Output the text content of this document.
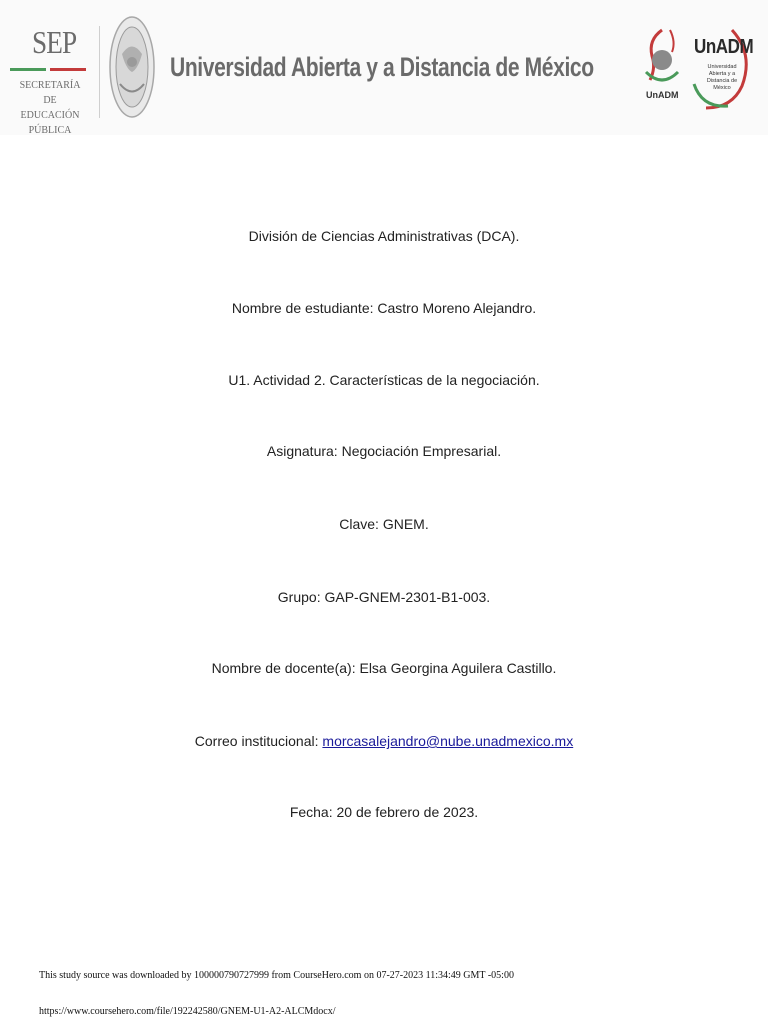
SEP
SECRETARÍA DE
EDUCACIÓN PÚBLICA
Universidad Abierta y a Distancia de México
UnADM
UnADM
Universidad Abierta y a Distancia de México
División de Ciencias Administrativas (DCA).
Nombre de estudiante: Castro Moreno Alejandro.
U1. Actividad 2. Características de la negociación.
Asignatura: Negociación Empresarial.
Clave: GNEM.
Grupo: GAP-GNEM-2301-B1-003.
Nombre de docente(a): Elsa Georgina Aguilera Castillo.
Correo institucional: morcasalejandro@nube.unadmexico.mx
Fecha: 20 de febrero de 2023.
This study source was downloaded by 100000790727999 from CourseHero.com on 07-27-2023 11:34:49 GMT -05:00
https://www.coursehero.com/file/192242580/GNEM-U1-A2-ALCMdocx/
